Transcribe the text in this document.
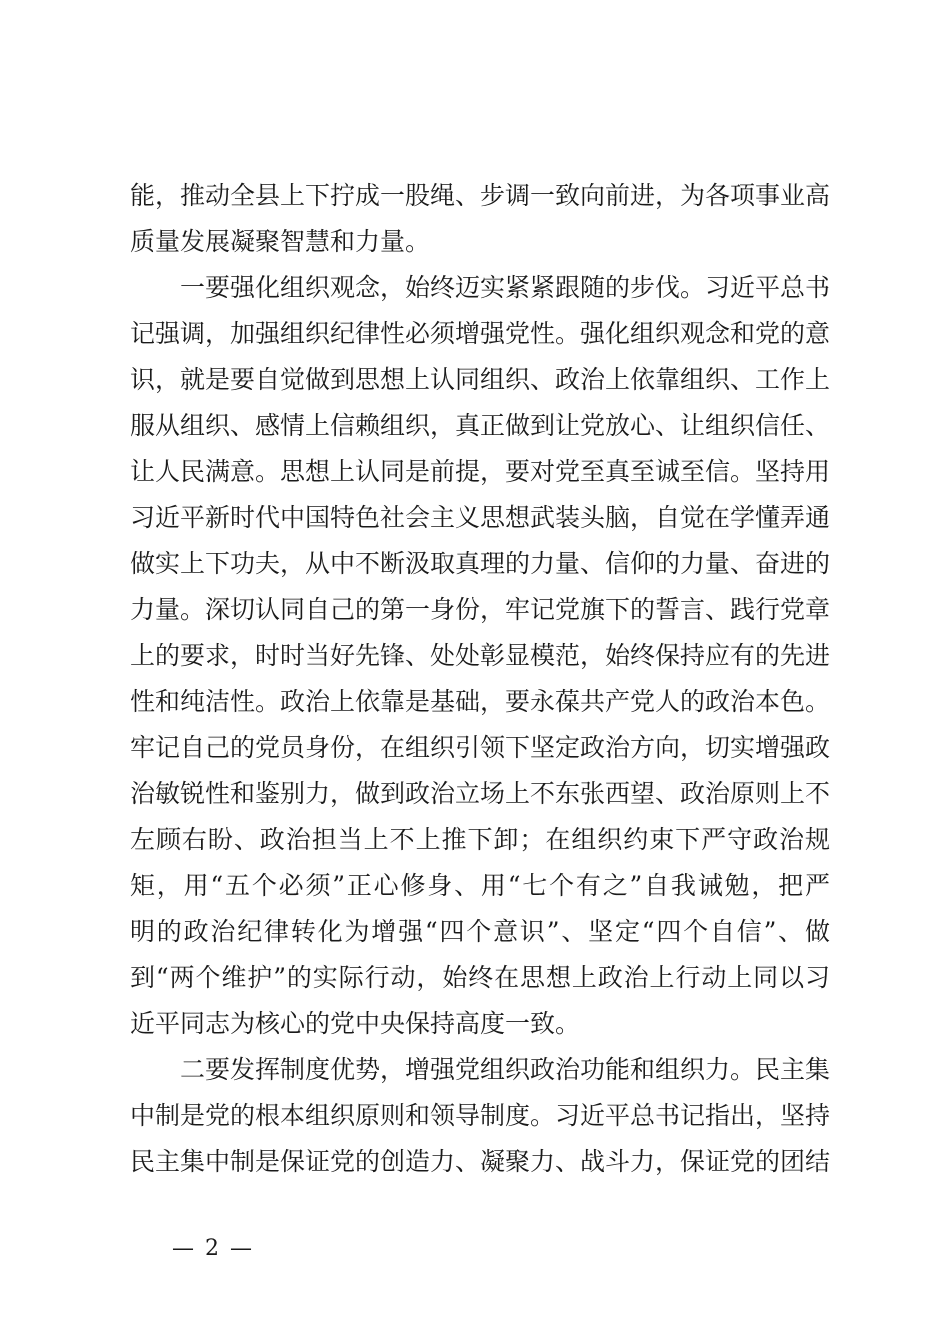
能，推动全县上下拧成一股绳、步调一致向前进，为各项事业高
质量发展凝聚智慧和力量。
一要强化组织观念，始终迈实紧紧跟随的步伐。习近平总书
记强调，加强组织纪律性必须增强党性。强化组织观念和党的意
识，就是要自觉做到思想上认同组织、政治上依靠组织、工作上
服从组织、感情上信赖组织，真正做到让党放心、让组织信任、
让人民满意。思想上认同是前提，要对党至真至诚至信。坚持用
习近平新时代中国特色社会主义思想武装头脑，自觉在学懂弄通
做实上下功夫，从中不断汲取真理的力量、信仰的力量、奋进的
力量。深切认同自己的第一身份，牢记党旗下的誓言、践行党章
上的要求，时时当好先锋、处处彰显模范，始终保持应有的先进
性和纯洁性。政治上依靠是基础，要永葆共产党人的政治本色。
牢记自己的党员身份，在组织引领下坚定政治方向，切实增强政
治敏锐性和鉴别力，做到政治立场上不东张西望、政治原则上不
左顾右盼、政治担当上不上推下卸；在组织约束下严守政治规
矩，用“五个必须”正心修身、用“七个有之”自我诫勉，把严
明的政治纪律转化为增强“四个意识”、坚定“四个自信”、做
到“两个维护”的实际行动，始终在思想上政治上行动上同以习
近平同志为核心的党中央保持高度一致。
二要发挥制度优势，增强党组织政治功能和组织力。民主集
中制是党的根本组织原则和领导制度。习近平总书记指出，坚持
民主集中制是保证党的创造力、凝聚力、战斗力，保证党的团结
— 2 —
